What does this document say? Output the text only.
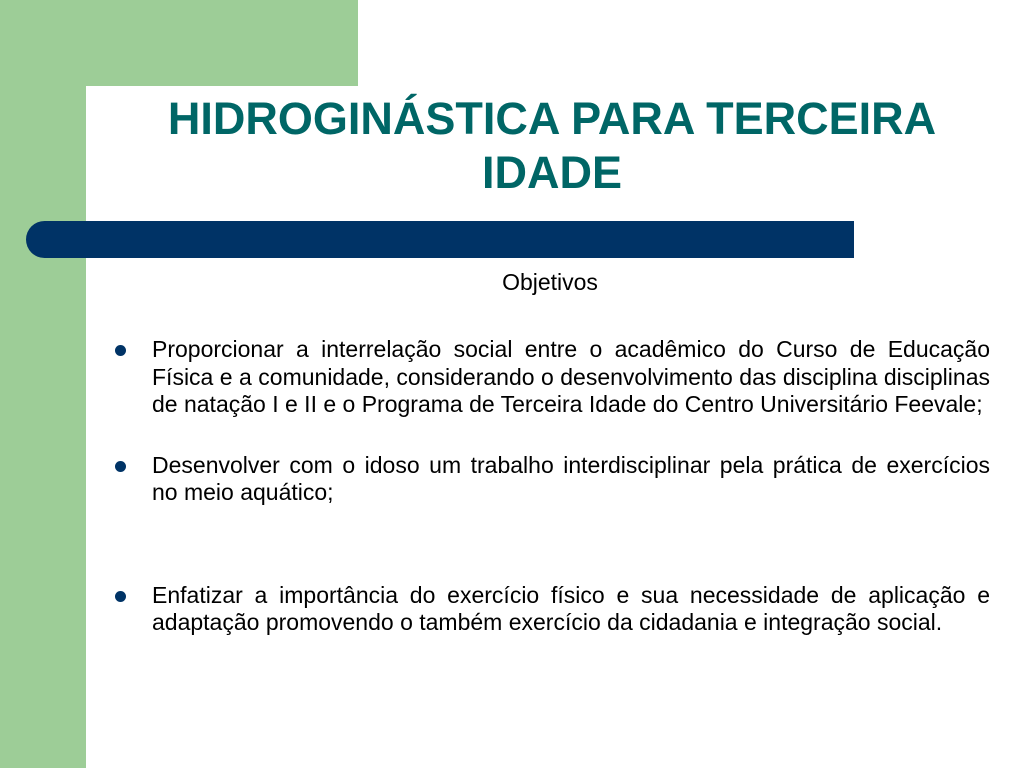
HIDROGINÁSTICA PARA TERCEIRA IDADE
Objetivos
Proporcionar a interrelação social entre o acadêmico do Curso de Educação Física e a comunidade, considerando o desenvolvimento das disciplina disciplinas de natação I e II e o Programa de Terceira Idade do Centro Universitário Feevale;
Desenvolver com o idoso um trabalho interdisciplinar pela prática de exercícios no meio aquático;
Enfatizar a importância do exercício físico e sua necessidade de aplicação e adaptação promovendo o também exercício da cidadania e integração social.
